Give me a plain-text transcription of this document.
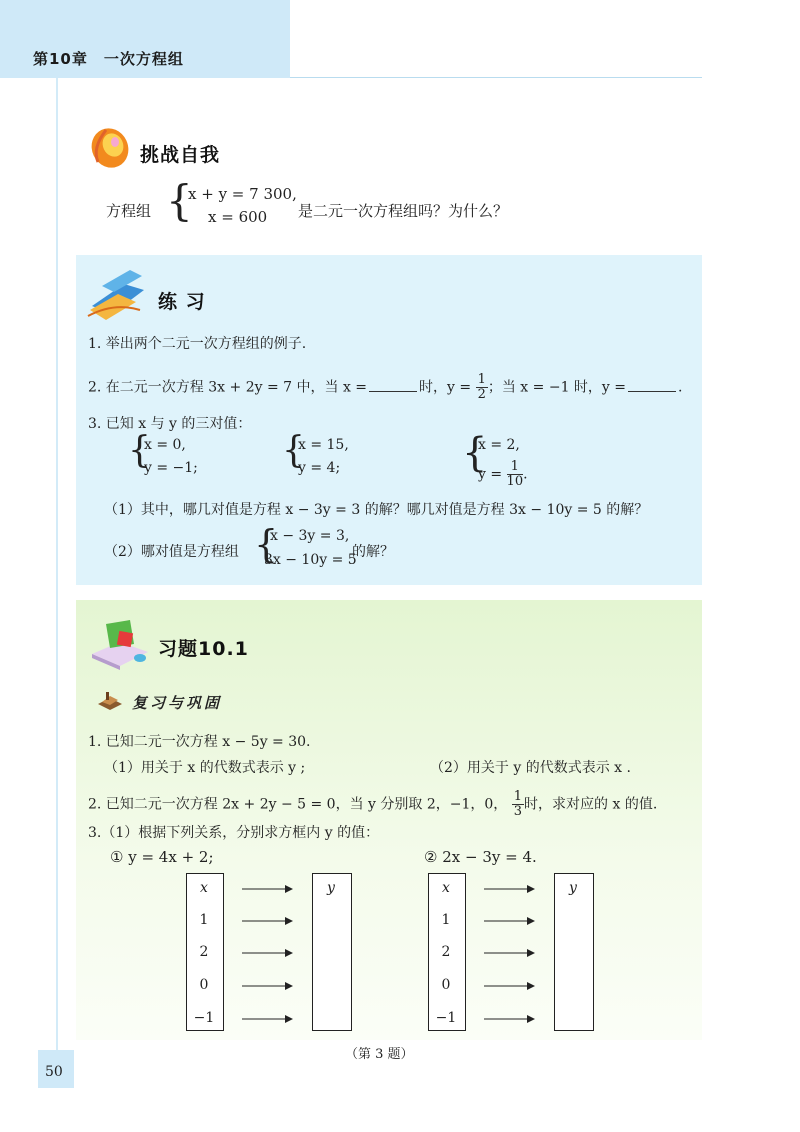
第10章　一次方程组
挑战自我
方程组 {
x + y = 7 300,
x = 600 是二元一次方程组吗？为什么？
练 习
1. 举出两个二元一次方程组的例子.
2. 在二元一次方程 3x + 2y = 7 中，当 x =	时，$y = \frac{1}{2}$ ；当 x = −1 时，y =	.
3. 已知 x 与 y 的三对值：
{
x = 0,
y = −1; {
x = 15,
y = 4;	{
x = 2,
$y = \frac{1}{10}$ .
（1）其中，哪几对值是方程 x − 3y = 3 的解？哪几对值是方程 3x − 10y = 5 的解？
（2）哪对值是方程组 {
x − 3y = 3,
3x − 10y = 5
的解？
习题10.1
复习与巩固
1. 已知二元一次方程 x − 5y = 30.
（1）用关于 x 的代数式表示 y ;	（2）用关于 y 的代数式表示 x .
2. 已知二元一次方程 2x + 2y − 5 = 0，当 y 分别取 2，−1，0， $\frac{1}{3}$ 时，求对应的 x 的值.
3.（1）根据下列关系，分别求方框内 y 的值：
① y = 4x + 2;	② 2x − 3y = 4.
x	y
1
2
0
−1
x	y
1
2
0
−1
（第 3 题）
50
